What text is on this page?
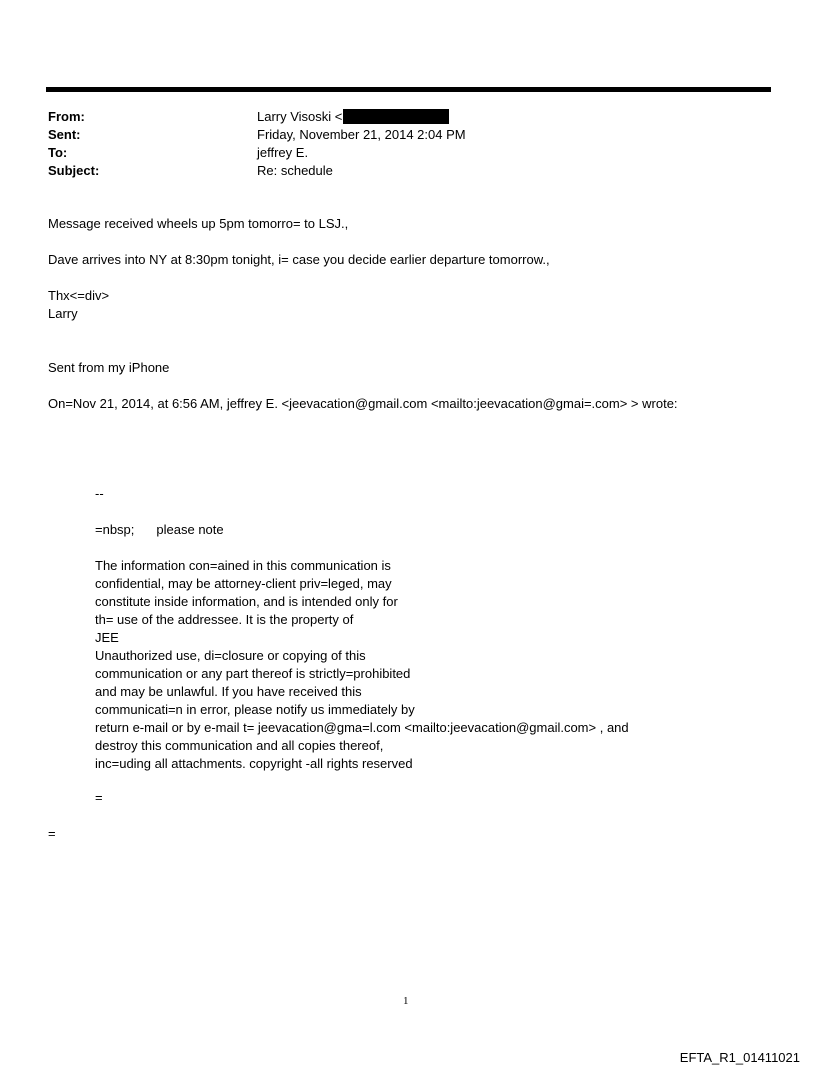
From:	Larry Visoski <
Sent:	Friday, November 21, 2014 2:04 PM
To:	jeffrey E.
Subject:	Re: schedule
Message received wheels up 5pm tomorro= to LSJ.,
Dave arrives into NY at 8:30pm tonight, i= case you decide earlier departure tomorrow.,
Thx<=div>
Larry
Sent from my iPhone
On=Nov 21, 2014, at 6:56 AM, jeffrey E. <jeevacation@gmail.com <mailto:jeevacation@gmai=.com> > wrote:
--
=nbsp; please note
The information con=ained in this communication is
confidential, may be attorney-client priv=leged, may
constitute inside information, and is intended only for
th= use of the addressee. It is the property of
JEE
Unauthorized use, di=closure or copying of this
communication or any part thereof is strictly=prohibited
and may be unlawful. If you have received this
communicati=n in error, please notify us immediately by
return e-mail or by e-mail t= jeevacation@gma=l.com <mailto:jeevacation@gmail.com> , and
destroy this communication and all copies thereof,
inc=uding all attachments. copyright -all rights reserved
=
=
1
EFTA_R1_01411021
